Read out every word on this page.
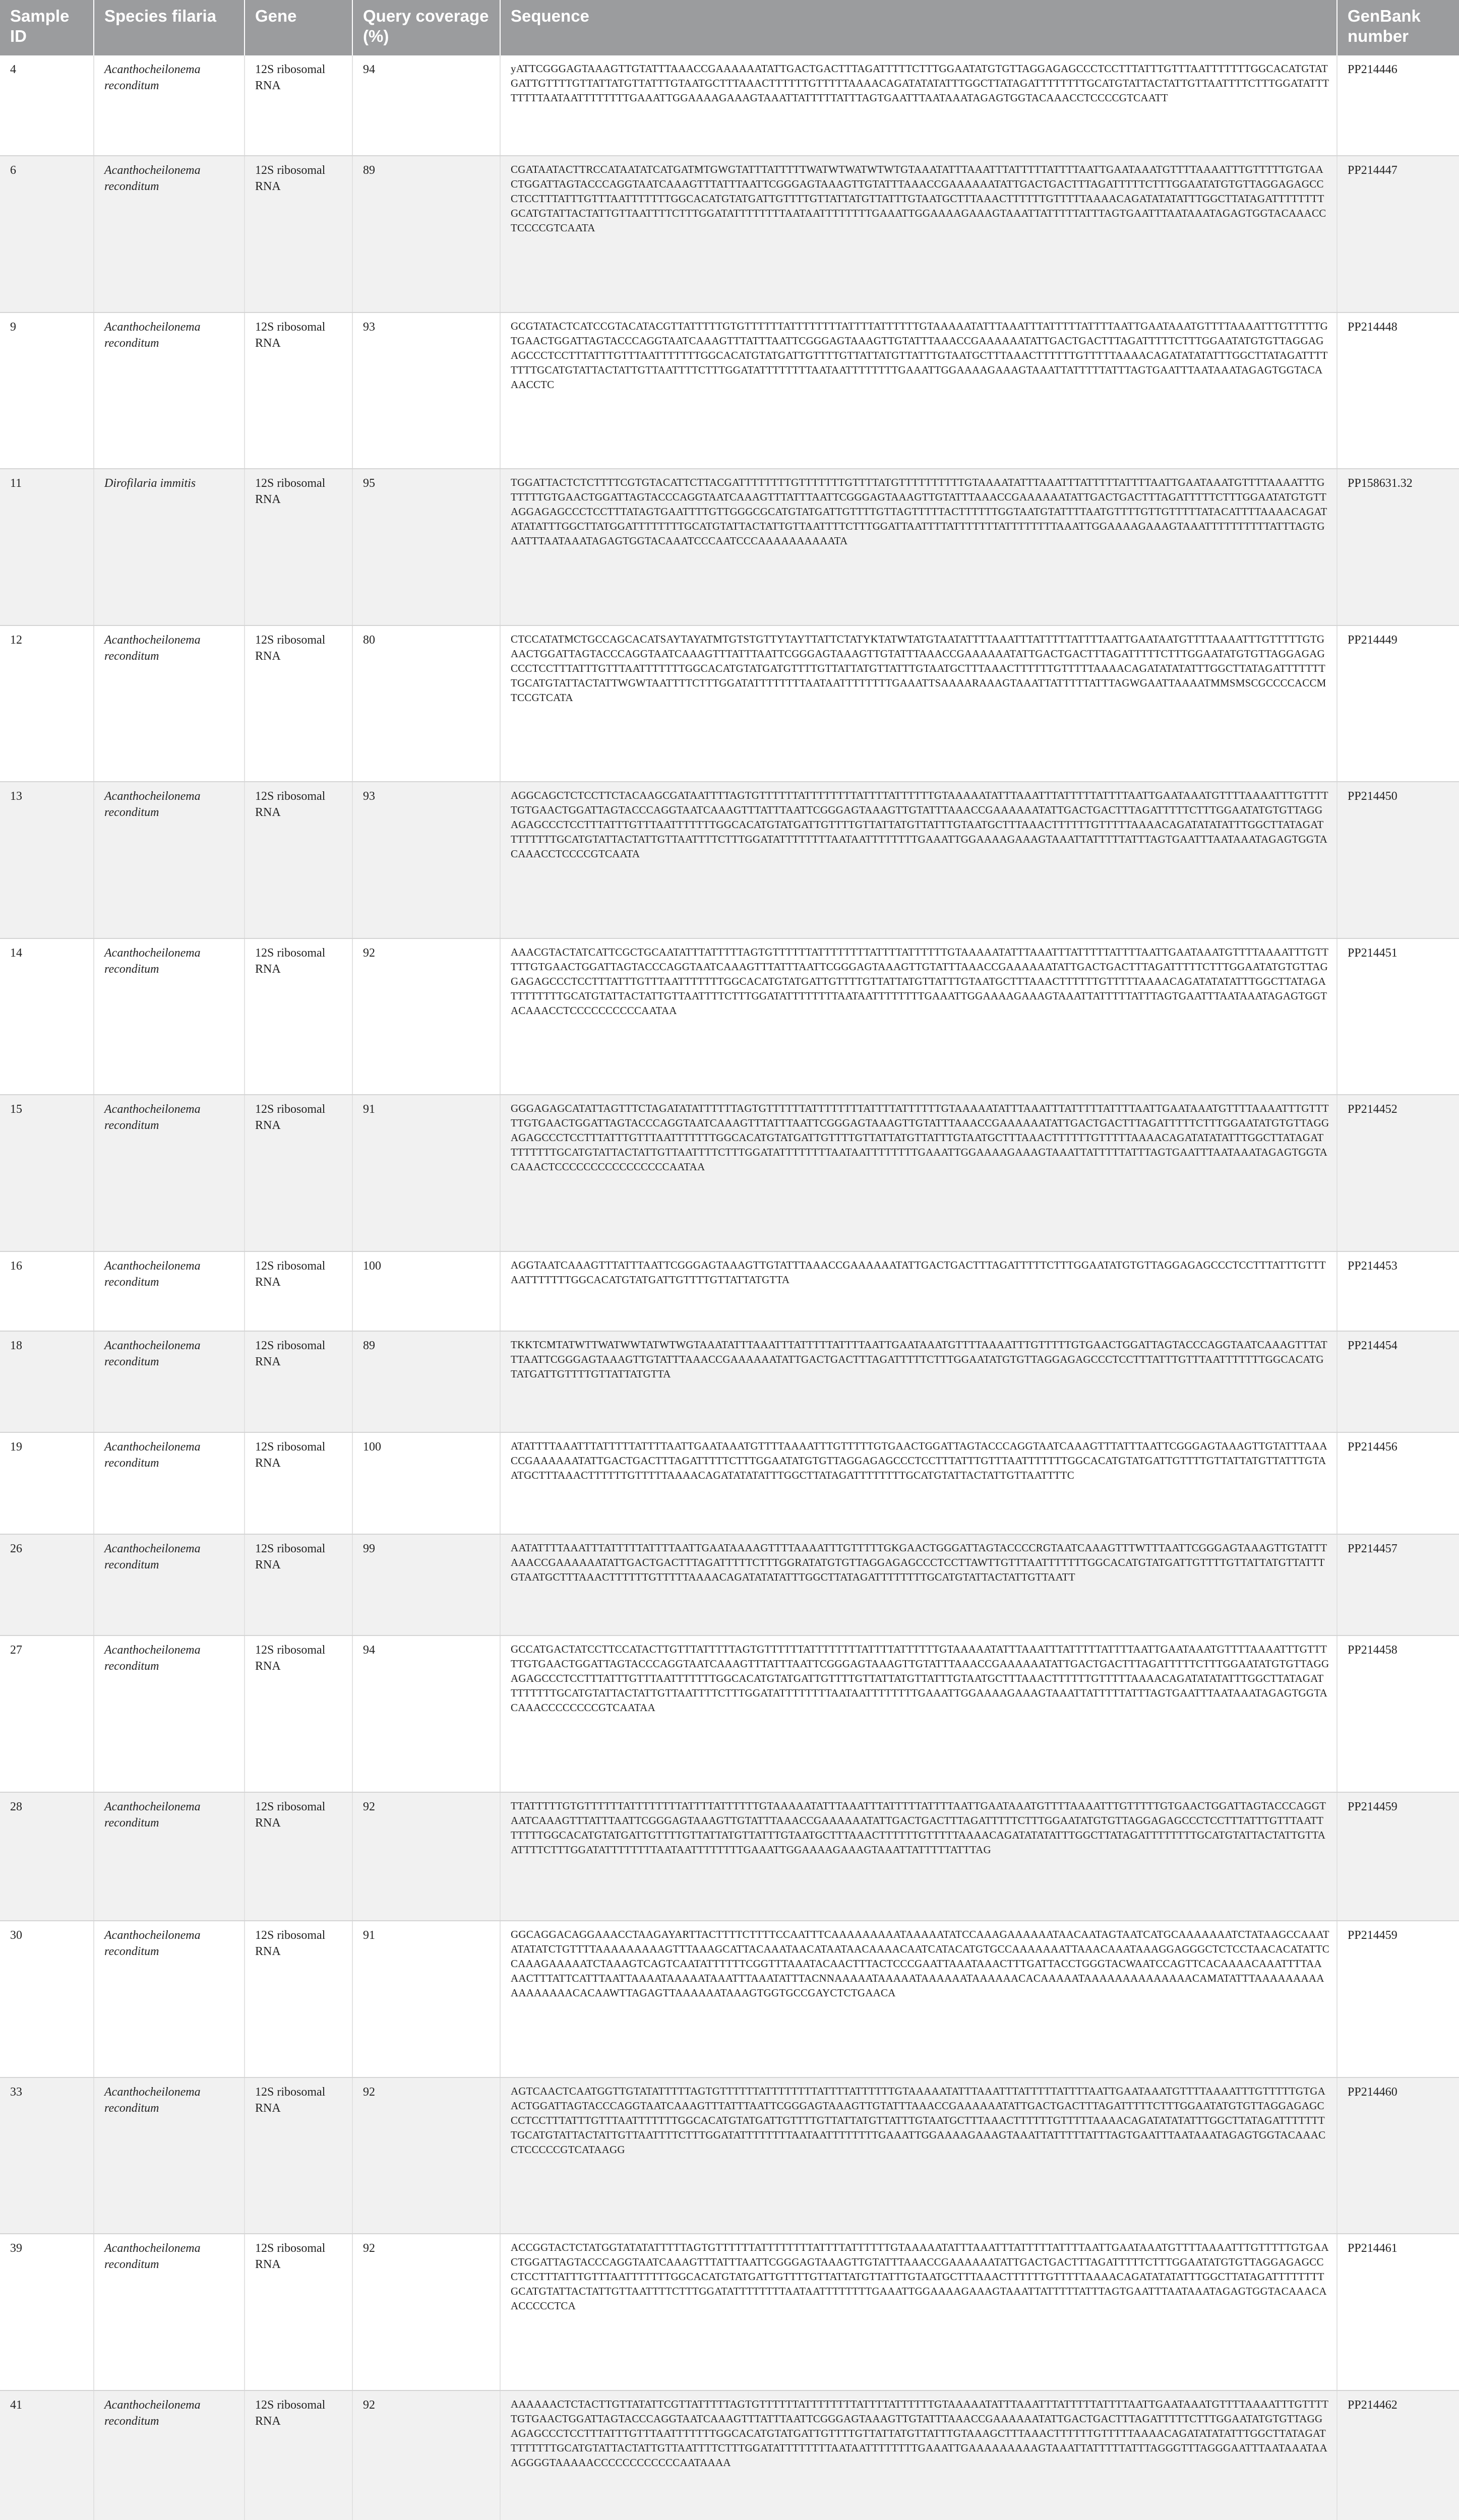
Sample ID	Species filaria	Gene	Query coverage (%)	Sequence	GenBank number
4	Acanthocheilonema reconditum	12S ribosomal RNA	94	yATTCGGGAGTAAAGTTGTATTTAAACCGAAAAAATATTGACTGACTTTAGATTTTTCTTTGGAATATGTGTTAGGAGAGCCCTCCTTTATTTGTTTAATTTTTTTGGCACATGTATGATTGTTTTGTTATTATGTTATTTGTAATGCTTTAAACTTTTTTGTTTTTAAAACAGATATATATTTGGCTTATAGATTTTTTTTGCATGTATTACTATTGTTAATTTTCTTTGGATATTTTTTTTAATAATTTTTTTTGAAATTGGAAAAGAAAGTAAATTATTTTTATTTAGTGAATTTAATAAATAGAGTGGTACAAACCTCCCCGTCAATT	PP214446
6	Acanthocheilonema reconditum	12S ribosomal RNA	89	CGATAATACTTRCCATAATATCATGATMTGWGTATTTATTTTTWATWTWATWTWTGTAAATATTTAAATTTATTTTTATTTTAATTGAATAAATGTTTTAAAATTTGTTTTTGTGAACTGGATTAGTACCCAGGTAATCAAAGTTTATTTAATTCGGGAGTAAAGTTGTATTTAAACCGAAAAAATATTGACTGACTTTAGATTTTTCTTTGGAATATGTGTTAGGAGAGCCCTCCTTTATTTGTTTAATTTTTTTGGCACATGTATGATTGTTTTGTTATTATGTTATTTGTAATGCTTTAAACTTTTTTGTTTTTAAAACAGATATATATTTGGCTTATAGATTTTTTTTGCATGTATTACTATTGTTAATTTTCTTTGGATATTTTTTTTAATAATTTTTTTTGAAATTGGAAAAGAAAGTAAATTATTTTTATTTAGTGAATTTAATAAATAGAGTGGTACAAACCTCCCCGTCAATA	PP214447
9	Acanthocheilonema reconditum	12S ribosomal RNA	93	GCGTATACTCATCCGTACATACGTTATTTTTGTGTTTTTTATTTTTTTTATTTTATTTTTTGTAAAAATATTTAAATTTATTTTTATTTTAATTGAATAAATGTTTTAAAATTTGTTTTTGTGAACTGGATTAGTACCCAGGTAATCAAAGTTTATTTAATTCGGGAGTAAAGTTGTATTTAAACCGAAAAAATATTGACTGACTTTAGATTTTTCTTTGGAATATGTGTTAGGAGAGCCCTCCTTTATTTGTTTAATTTTTTTGGCACATGTATGATTGTTTTGTTATTATGTTATTTGTAATGCTTTAAACTTTTTTGTTTTTAAAACAGATATATATTTGGCTTATAGATTTTTTTTGCATGTATTACTATTGTTAATTTTCTTTGGATATTTTTTTTAATAATTTTTTTTGAAATTGGAAAAGAAAGTAAATTATTTTTATTTAGTGAATTTAATAAATAGAGTGGTACAAACCTC	PP214448
11	Dirofilaria immitis	12S ribosomal RNA	95	TGGATTACTCTCTTTTCGTGTACATTCTTACGATTTTTTTTGTTTTTTTGTTTTATGTTTTTTTTTTGTAAAATATTTAAATTTATTTTTATTTTAATTGAATAAATGTTTTAAAATTTGTTTTTGTGAACTGGATTAGTACCCAGGTAATCAAAGTTTATTTAATTCGGGAGTAAAGTTGTATTTAAACCGAAAAAATATTGACTGACTTTAGATTTTTCTTTGGAATATGTGTTAGGAGAGCCCTCCTTTATAGTGAATTTTGTTGGGCGCATGTATGATTGTTTTGTTAGTTTTTACTTTTTTGGTAATGTATTTTAATGTTTTGTTGTTTTTATACATTTTAAAACAGATATATATTTGGCTTATGGATTTTTTTTGCATGTATTACTATTGTTAATTTTCTTTGGATTAATTTTATTTTTTTATTTTTTTTAAATTGGAAAAGAAAGTAAATTTTTTTTTTATTTAGTGAATTTAATAAATAGAGTGGTACAAATCCCAATCCCAAAAAAAAAATA	PP158631.32
12	Acanthocheilonema reconditum	12S ribosomal RNA	80	CTCCATATMCTGCCAGCACATSAYTAYATMTGTSTGTTYTAYTTATTCTATYKTATWTATGTAATATTTTAAATTTATTTTTATTTTAATTGAATAATGTTTTAAAATTTGTTTTTGTGAACTGGATTAGTACCCAGGTAATCAAAGTTTATTTAATTCGGGAGTAAAGTTGTATTTAAACCGAAAAAATATTGACTGACTTTAGATTTTTCTTTGGAATATGTGTTAGGAGAGCCCTCCTTTATTTGTTTAATTTTTTTGGCACATGTATGATGTTTTGTTATTATGTTATTTGTAATGCTTTAAACTTTTTTGTTTTTAAAACAGATATATATTTGGCTTATAGATTTTTTTTGCATGTATTACTATTWGWTAATTTTCTTTGGATATTTTTTTTAATAATTTTTTTTGAAATTSAAAARAAAGTAAATTATTTTTATTTAGWGAATTAAAATMMSMSCGCCCCACCMTCCGTCATA	PP214449
13	Acanthocheilonema reconditum	12S ribosomal RNA	93	AGGCAGCTCTCCTTCTACAAGCGATAATTTTAGTGTTTTTTATTTTTTTTATTTTATTTTTTGTAAAAATATTTAAATTTATTTTTATTTTAATTGAATAAATGTTTTAAAATTTGTTTTTGTGAACTGGATTAGTACCCAGGTAATCAAAGTTTATTTAATTCGGGAGTAAAGTTGTATTTAAACCGAAAAAATATTGACTGACTTTAGATTTTTCTTTGGAATATGTGTTAGGAGAGCCCTCCTTTATTTGTTTAATTTTTTTGGCACATGTATGATTGTTTTGTTATTATGTTATTTGTAATGCTTTAAACTTTTTTGTTTTTAAAACAGATATATATTTGGCTTATAGATTTTTTTTGCATGTATTACTATTGTTAATTTTCTTTGGATATTTTTTTTAATAATTTTTTTTGAAATTGGAAAAGAAAGTAAATTATTTTTATTTAGTGAATTTAATAAATAGAGTGGTACAAACCTCCCCGTCAATA	PP214450
14	Acanthocheilonema reconditum	12S ribosomal RNA	92	AAACGTACTATCATTCGCTGCAATATTTATTTTTAGTGTTTTTTATTTTTTTTATTTTATTTTTTGTAAAAATATTTAAATTTATTTTTATTTTAATTGAATAAATGTTTTAAAATTTGTTTTTGTGAACTGGATTAGTACCCAGGTAATCAAAGTTTATTTAATTCGGGAGTAAAGTTGTATTTAAACCGAAAAAATATTGACTGACTTTAGATTTTTCTTTGGAATATGTGTTAGGAGAGCCCTCCTTTATTTGTTTAATTTTTTTGGCACATGTATGATTGTTTTGTTATTATGTTATTTGTAATGCTTTAAACTTTTTTGTTTTTAAAACAGATATATATTTGGCTTATAGATTTTTTTTGCATGTATTACTATTGTTAATTTTCTTTGGATATTTTTTTTAATAATTTTTTTTGAAATTGGAAAAGAAAGTAAATTATTTTTATTTAGTGAATTTAATAAATAGAGTGGTACAAACCTCCCCCCCCCCAATAA	PP214451
15	Acanthocheilonema reconditum	12S ribosomal RNA	91	GGGAGAGCATATTAGTTTCTAGATATATTTTTTAGTGTTTTTTATTTTTTTTATTTTATTTTTTGTAAAAATATTTAAATTTATTTTTATTTTAATTGAATAAATGTTTTAAAATTTGTTTTTGTGAACTGGATTAGTACCCAGGTAATCAAAGTTTATTTAATTCGGGAGTAAAGTTGTATTTAAACCGAAAAAATATTGACTGACTTTAGATTTTTCTTTGGAATATGTGTTAGGAGAGCCCTCCTTTATTTGTTTAATTTTTTTGGCACATGTATGATTGTTTTGTTATTATGTTATTTGTAATGCTTTAAACTTTTTTGTTTTTAAAACAGATATATATTTGGCTTATAGATTTTTTTTGCATGTATTACTATTGTTAATTTTCTTTGGATATTTTTTTTAATAATTTTTTTTGAAATTGGAAAAGAAAGTAAATTATTTTTATTTAGTGAATTTAATAAATAGAGTGGTACAAACTCCCCCCCCCCCCCCCCAATAA	PP214452
16	Acanthocheilonema reconditum	12S ribosomal RNA	100	AGGTAATCAAAGTTTATTTAATTCGGGAGTAAAGTTGTATTTAAACCGAAAAAATATTGACTGACTTTAGATTTTTCTTTGGAATATGTGTTAGGAGAGCCCTCCTTTATTTGTTTAATTTTTTTGGCACATGTATGATTGTTTTGTTATTATGTTA	PP214453
18	Acanthocheilonema reconditum	12S ribosomal RNA	89	TKKTCMTATWTTWATWWTATWTWGTAAATATTTAAATTTATTTTTATTTTAATTGAATAAATGTTTTAAAATTTGTTTTTGTGAACTGGATTAGTACCCAGGTAATCAAAGTTTATTTAATTCGGGAGTAAAGTTGTATTTAAACCGAAAAAATATTGACTGACTTTAGATTTTTCTTTGGAATATGTGTTAGGAGAGCCCTCCTTTATTTGTTTAATTTTTTTGGCACATGTATGATTGTTTTGTTATTATGTTA	PP214454
19	Acanthocheilonema reconditum	12S ribosomal RNA	100	ATATTTTAAATTTATTTTTATTTTAATTGAATAAATGTTTTAAAATTTGTTTTTGTGAACTGGATTAGTACCCAGGTAATCAAAGTTTATTTAATTCGGGAGTAAAGTTGTATTTAAACCGAAAAAATATTGACTGACTTTAGATTTTTCTTTGGAATATGTGTTAGGAGAGCCCTCCTTTATTTGTTTAATTTTTTTGGCACATGTATGATTGTTTTGTTATTATGTTATTTGTAATGCTTTAAACTTTTTTGTTTTTAAAACAGATATATATTTGGCTTATAGATTTTTTTTGCATGTATTACTATTGTTAATTTTC	PP214456
26	Acanthocheilonema reconditum	12S ribosomal RNA	99	AATATTTTAAATTTATTTTTATTTTAATTGAATAAAAGTTTTAAAATTTGTTTTTGKGAACTGGGATTAGTACCCCRGTAATCAAAGTTTWTTTAATTCGGGAGTAAAGTTGTATTTAAACCGAAAAAATATTGACTGACTTTAGATTTTTCTTTGGRATATGTGTTAGGAGAGCCCTCCTTAWTTGTTTAATTTTTTTGGCACATGTATGATTGTTTTGTTATTATGTTATTTGTAATGCTTTAAACTTTTTTGTTTTTAAAACAGATATATATTTGGCTTATAGATTTTTTTTGCATGTATTACTATTGTTAATT	PP214457
27	Acanthocheilonema reconditum	12S ribosomal RNA	94	GCCATGACTATCCTTCCATACTTGTTTATTTTTAGTGTTTTTTATTTTTTTTATTTTATTTTTTGTAAAAATATTTAAATTTATTTTTATTTTAATTGAATAAATGTTTTAAAATTTGTTTTTGTGAACTGGATTAGTACCCAGGTAATCAAAGTTTATTTAATTCGGGAGTAAAGTTGTATTTAAACCGAAAAAATATTGACTGACTTTAGATTTTTCTTTGGAATATGTGTTAGGAGAGCCCTCCTTTATTTGTTTAATTTTTTTGGCACATGTATGATTGTTTTGTTATTATGTTATTTGTAATGCTTTAAACTTTTTTGTTTTTAAAACAGATATATATTTGGCTTATAGATTTTTTTTGCATGTATTACTATTGTTAATTTTCTTTGGATATTTTTTTTAATAATTTTTTTTGAAATTGGAAAAGAAAGTAAATTATTTTTATTTAGTGAATTTAATAAATAGAGTGGTACAAACCCCCCCCGTCAATAA	PP214458
28	Acanthocheilonema reconditum	12S ribosomal RNA	92	TTATTTTTGTGTTTTTTATTTTTTTTATTTTATTTTTTGTAAAAATATTTAAATTTATTTTTATTTTAATTGAATAAATGTTTTAAAATTTGTTTTTGTGAACTGGATTAGTACCCAGGTAATCAAAGTTTATTTAATTCGGGAGTAAAGTTGTATTTAAACCGAAAAAATATTGACTGACTTTAGATTTTTCTTTGGAATATGTGTTAGGAGAGCCCTCCTTTATTTGTTTAATTTTTTTGGCACATGTATGATTGTTTTGTTATTATGTTATTTGTAATGCTTTAAACTTTTTTGTTTTTAAAACAGATATATATTTGGCTTATAGATTTTTTTTGCATGTATTACTATTGTTAATTTTCTTTGGATATTTTTTTTAATAATTTTTTTTGAAATTGGAAAAGAAAGTAAATTATTTTTATTTAG	PP214459
30	Acanthocheilonema reconditum	12S ribosomal RNA	91	GGCAGGACAGGAAACCTAAGAYARTTACTTTTCTTTTCCAATTTCAAAAAAAAATAAAAATATCCAAAGAAAAAATAACAATAGTAATCATGCAAAAAAATCTATAAGCCAAATATATATCTGTTTTAAAAAAAAAGTTTAAAGCATTACAAATAACATAATAACAAAACAATCATACATGTGCCAAAAAAATTAAACAAATAAAGGAGGGCTCTCCTAACACATATTCCAAAGAAAAATCTAAAGTCAGTCAATATTTTTTCGGTTTAAATACAACTTTACTCCCGAATTAAATAAACTTTGATTACCTGGGTACWAATCCAGTTCACAAAACAAATTTTAAAACTTTATTCATTTAATTAAAATAAAAATAAATTTAAATATTTACNNAAAAATAAAAATAAAAAATAAAAAACACAAAAATAAAAAAAAAAAAAACAMATATTTAAAAAAAAAAAAAAAAACACAAWTTAGAGTTAAAAAATAAAGTGGTGCCGAYCTCTGAACA	PP214459
33	Acanthocheilonema reconditum	12S ribosomal RNA	92	AGTCAACTCAATGGTTGTATATTTTTAGTGTTTTTTATTTTTTTTATTTTATTTTTTGTAAAAATATTTAAATTTATTTTTATTTTAATTGAATAAATGTTTTAAAATTTGTTTTTGTGAACTGGATTAGTACCCAGGTAATCAAAGTTTATTTAATTCGGGAGTAAAGTTGTATTTAAACCGAAAAAATATTGACTGACTTTAGATTTTTCTTTGGAATATGTGTTAGGAGAGCCCTCCTTTATTTGTTTAATTTTTTTGGCACATGTATGATTGTTTTGTTATTATGTTATTTGTAATGCTTTAAACTTTTTTGTTTTTAAAACAGATATATATTTGGCTTATAGATTTTTTTTGCATGTATTACTATTGTTAATTTTCTTTGGATATTTTTTTTAATAATTTTTTTTGAAATTGGAAAAGAAAGTAAATTATTTTTATTTAGTGAATTTAATAAATAGAGTGGTACAAACCTCCCCCGTCATAAGG	PP214460
39	Acanthocheilonema reconditum	12S ribosomal RNA	92	ACCGGTACTCTATGGTATATATTTTTAGTGTTTTTTATTTTTTTTATTTTATTTTTTGTAAAAATATTTAAATTTATTTTTATTTTAATTGAATAAATGTTTTAAAATTTGTTTTTGTGAACTGGATTAGTACCCAGGTAATCAAAGTTTATTTAATTCGGGAGTAAAGTTGTATTTAAACCGAAAAAATATTGACTGACTTTAGATTTTTCTTTGGAATATGTGTTAGGAGAGCCCTCCTTTATTTGTTTAATTTTTTTGGCACATGTATGATTGTTTTGTTATTATGTTATTTGTAATGCTTTAAACTTTTTTGTTTTTAAAACAGATATATATTTGGCTTATAGATTTTTTTTGCATGTATTACTATTGTTAATTTTCTTTGGATATTTTTTTTAATAATTTTTTTTGAAATTGGAAAAGAAAGTAAATTATTTTTATTTAGTGAATTTAATAAATAGAGTGGTACAAACAACCCCCTCA	PP214461
41	Acanthocheilonema reconditum	12S ribosomal RNA	92	AAAAAACTCTACTTGTTATATTCGTTATTTTTAGTGTTTTTTATTTTTTTTATTTTATTTTTTGTAAAAATATTTAAATTTATTTTTATTTTAATTGAATAAATGTTTTAAAATTTGTTTTTGTGAACTGGATTAGTACCCAGGTAATCAAAGTTTATTTAATTCGGGAGTAAAGTTGTATTTAAACCGAAAAAATATTGACTGACTTTAGATTTTTCTTTGGAATATGTGTTAGGAGAGCCCTCCTTTATTTGTTTAATTTTTTTGGCACATGTATGATTGTTTTGTTATTATGTTATTTGTAAAGCTTTAAACTTTTTTGTTTTTAAAACAGATATATATTTGGCTTATAGATTTTTTTTGCATGTATTACTATTGTTAATTTTCTTTGGATATTTTTTTTAATAATTTTTTTTGAAATTGAAAAAAAAAGTAAATTATTTTTATTTAGGGTTTAGGGAATTTAATAAATAAAGGGGTAAAAACCCCCCCCCCCCAATAAAA	PP214462
